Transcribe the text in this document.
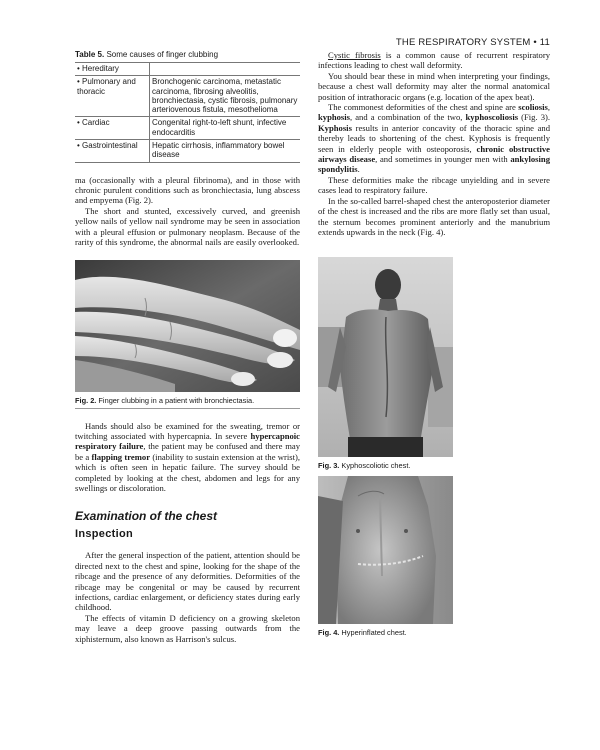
THE RESPIRATORY SYSTEM • 11
Table 5. Some causes of finger clubbing
• Hereditary	
• Pulmonary and thoracic	Bronchogenic carcinoma, metastatic carcinoma, fibrosing alveolitis, bronchiectasia, cystic fibrosis, pulmonary arteriovenous fistula, mesothelioma
• Cardiac	Congenital right-to-left shunt, infective endocarditis
• Gastrointestinal	Hepatic cirrhosis, inflammatory bowel disease

ma (occasionally with a pleural fibrinoma), and in those with chronic purulent conditions such as bronchiectasia, lung abscess and empyema (Fig. 2).

The short and stunted, excessively curved, and greenish yellow nails of yellow nail syndrome may be seen in association with a pleural effusion or pulmonary neoplasm. Because of the rarity of this syndrome, the abnormal nails are easily overlooked.

Fig. 2. Finger clubbing in a patient with bronchiectasia.

Hands should also be examined for the sweating, tremor or twitching associated with hypercapnia. In severe hypercapnoic respiratory failure, the patient may be confused and there may be a flapping tremor (inability to sustain extension at the wrist), which is often seen in hepatic failure. The survey should be completed by looking at the chest, abdomen and legs for any swellings or discoloration.

Examination of the chest
Inspection

After the general inspection of the patient, attention should be directed next to the chest and spine, looking for the shape of the ribcage and the presence of any deformities. Deformities of the ribcage may be congenital or may be caused by recurrent infections, cardiac enlargement, or deficiency states during early childhood.

The effects of vitamin D deficiency on a growing skeleton may leave a deep groove passing outwards from the xiphisternum, also known as Harrison's sulcus.

Cystic fibrosis is a common cause of recurrent respiratory infections leading to chest wall deformity.

You should bear these in mind when interpreting your findings, because a chest wall deformity may alter the normal anatomical position of intrathoracic organs (e.g. location of the apex beat).

The commonest deformities of the chest and spine are scoliosis, kyphosis, and a combination of the two, kyphoscoliosis (Fig. 3). Kyphosis results in anterior concavity of the thoracic spine and thereby leads to shortening of the chest. Kyphosis is frequently seen in elderly people with osteoporosis, chronic obstructive airways disease, and sometimes in younger men with ankylosing spondylitis.

These deformities make the ribcage unyielding and in severe cases lead to respiratory failure.

In the so-called barrel-shaped chest the anteroposterior diameter of the chest is increased and the ribs are more flatly set than usual, the sternum becomes prominent anteriorly and the manubrium extends upwards in the neck (Fig. 4).

Fig. 3. Kyphoscoliotic chest.
Fig. 4. Hyperinflated chest.
